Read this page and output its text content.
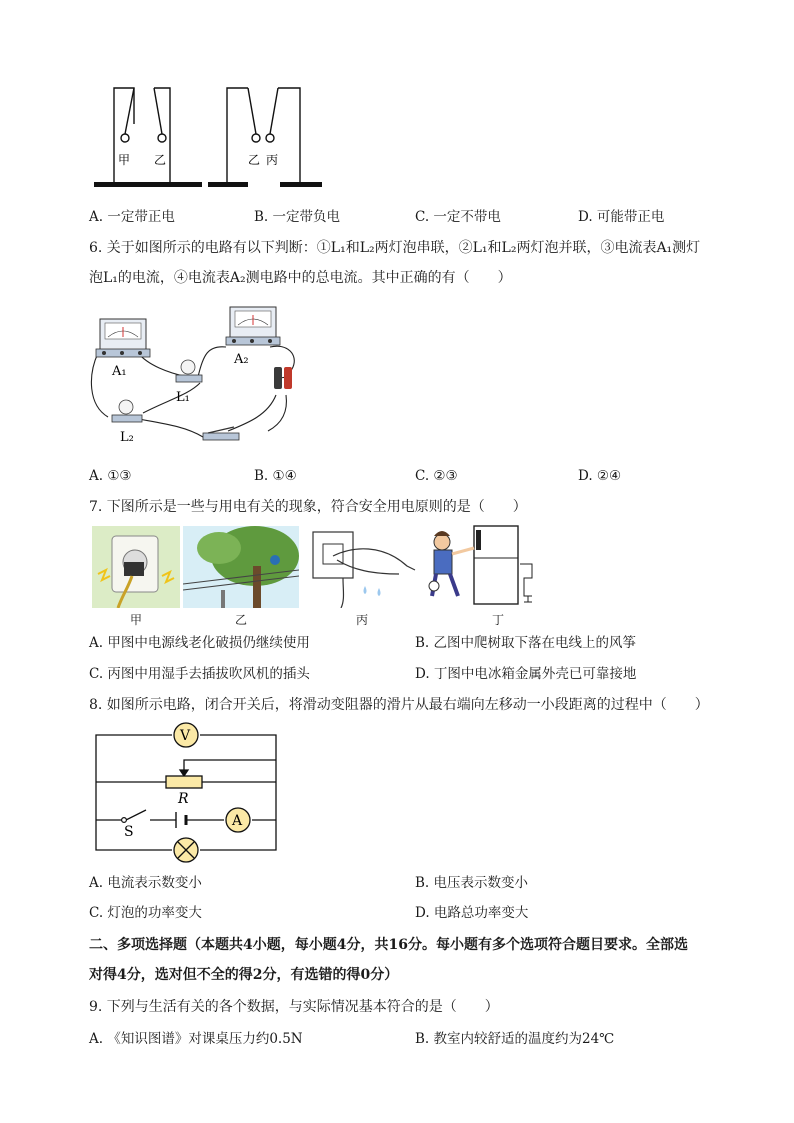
甲 乙	乙 丙
A. 一定带正电	B. 一定带负电	C. 一定不带电	D. 可能带正电
6. 关于如图所示的电路有以下判断：①L₁和L₂两灯泡串联，②L₁和L₂两灯泡并联，③电流表A₁测灯
泡L₁的电流，④电流表A₂测电路中的总电流。其中正确的有（　　）
A₁
A₂
L₁
L₂
A. ①③	B. ①④	C. ②③	D. ②④
7. 下图所示是一些与用电有关的现象，符合安全用电原则的是（　　）
甲	乙	丙	丁
A. 甲图中电源线老化破损仍继续使用	B. 乙图中爬树取下落在电线上的风筝
C. 丙图中用湿手去插拔吹风机的插头	D. 丁图中电冰箱金属外壳已可靠接地
8. 如图所示电路，闭合开关后，将滑动变阻器的滑片从最右端向左移动一小段距离的过程中（　　）
V
A
R
S
A. 电流表示数变小	B. 电压表示数变小
C. 灯泡的功率变大	D. 电路总功率变大
二、多项选择题（本题共4小题，每小题4分，共16分。每小题有多个选项符合题目要求。全部选
对得4分，选对但不全的得2分，有选错的得0分）
9. 下列与生活有关的各个数据，与实际情况基本符合的是（　　）
A. 《知识图谱》对课桌压力约0.5N	B. 教室内较舒适的温度约为24℃
